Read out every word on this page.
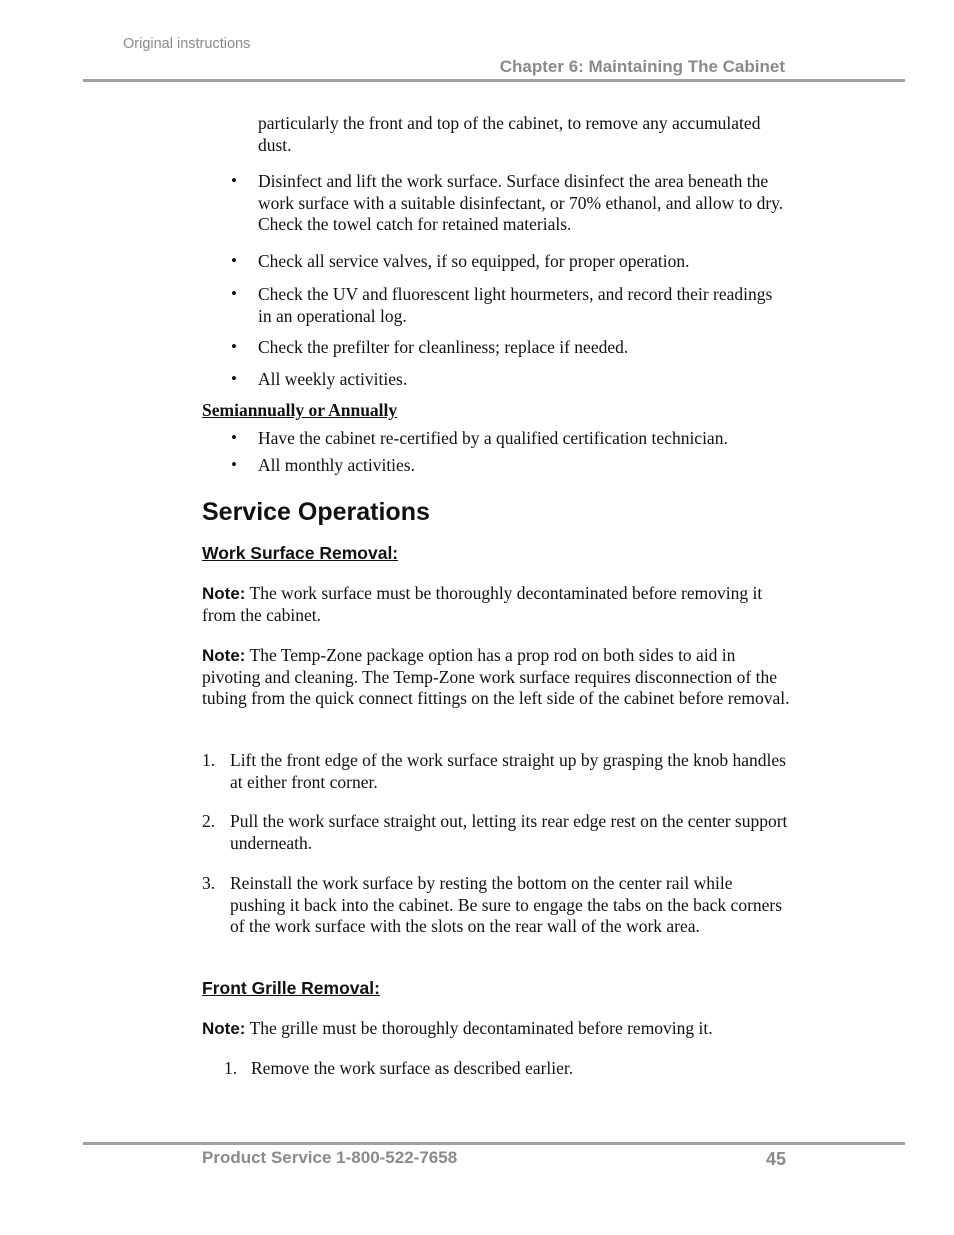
Original instructions
Chapter 6: Maintaining The Cabinet
particularly the front and top of the cabinet, to remove any accumulated dust.
• Disinfect and lift the work surface. Surface disinfect the area beneath the work surface with a suitable disinfectant, or 70% ethanol, and allow to dry. Check the towel catch for retained materials.
• Check all service valves, if so equipped, for proper operation.
• Check the UV and fluorescent light hourmeters, and record their readings in an operational log.
• Check the prefilter for cleanliness; replace if needed.
• All weekly activities.
Semiannually or Annually
• Have the cabinet re-certified by a qualified certification technician.
• All monthly activities.
Service Operations
Work Surface Removal:
Note: The work surface must be thoroughly decontaminated before removing it from the cabinet.
Note: The Temp-Zone package option has a prop rod on both sides to aid in pivoting and cleaning. The Temp-Zone work surface requires disconnection of the tubing from the quick connect fittings on the left side of the cabinet before removal.
1. Lift the front edge of the work surface straight up by grasping the knob handles at either front corner.
2. Pull the work surface straight out, letting its rear edge rest on the center support underneath.
3. Reinstall the work surface by resting the bottom on the center rail while pushing it back into the cabinet. Be sure to engage the tabs on the back corners of the work surface with the slots on the rear wall of the work area.
Front Grille Removal:
Note: The grille must be thoroughly decontaminated before removing it.
1. Remove the work surface as described earlier.
Product Service 1-800-522-7658	45
